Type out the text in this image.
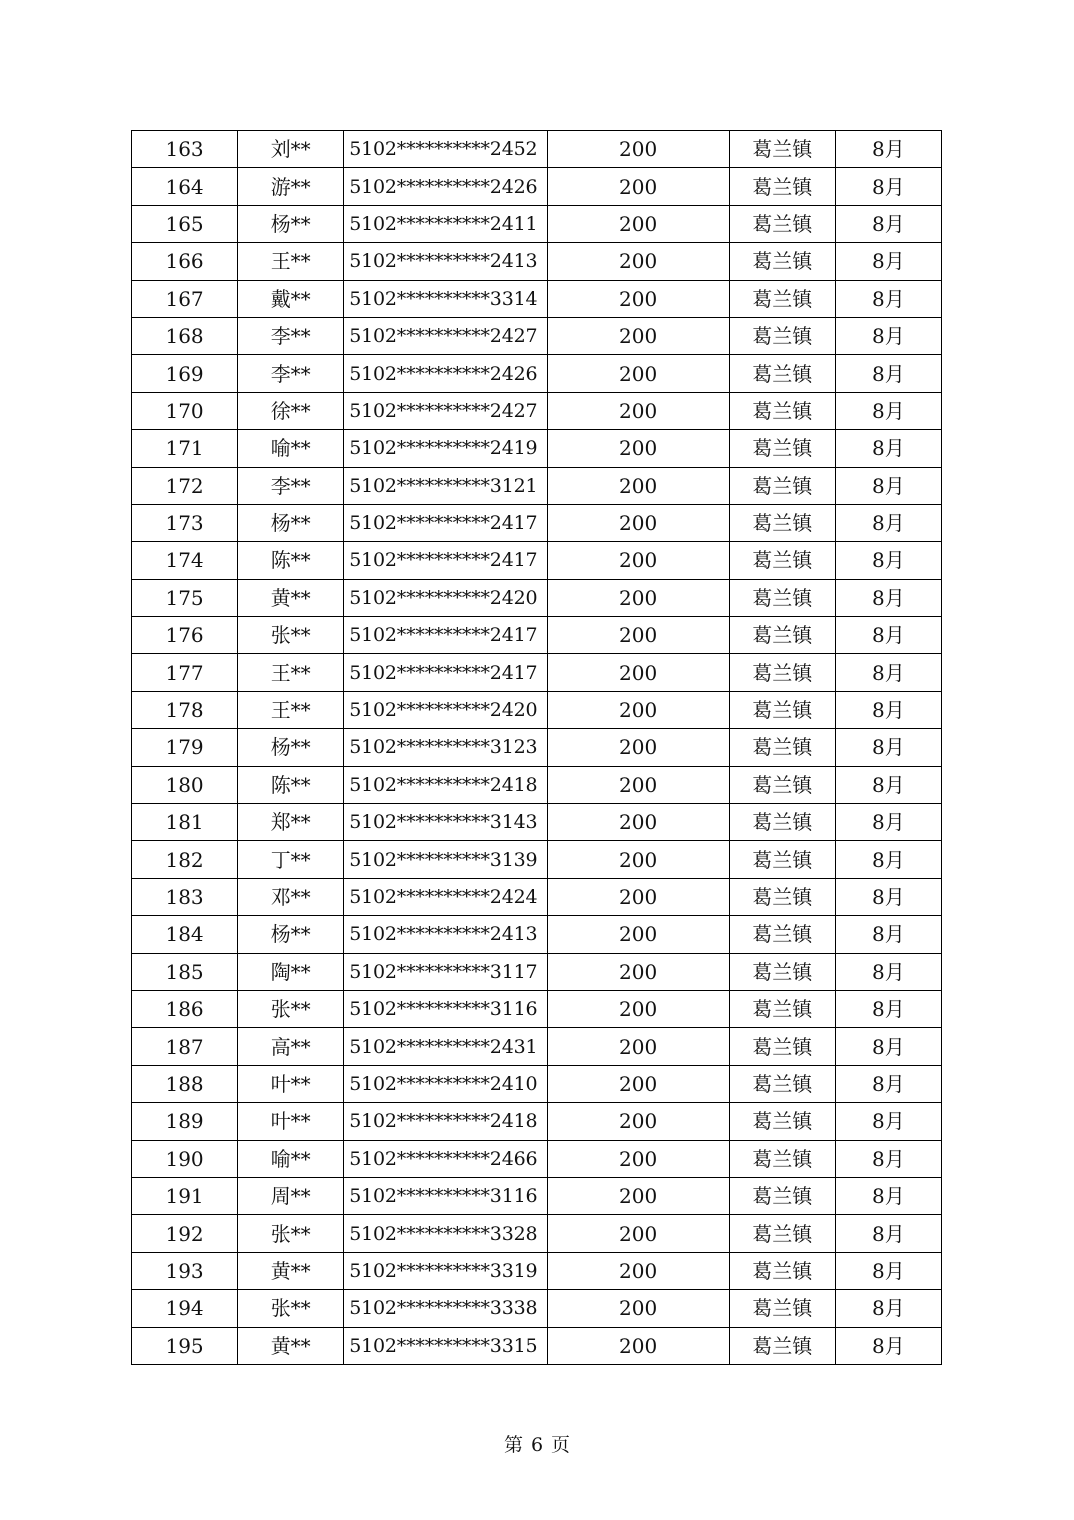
163	刘**	5102**********2452	200	葛兰镇	8月
164	游**	5102**********2426	200	葛兰镇	8月
165	杨**	5102**********2411	200	葛兰镇	8月
166	王**	5102**********2413	200	葛兰镇	8月
167	戴**	5102**********3314	200	葛兰镇	8月
168	李**	5102**********2427	200	葛兰镇	8月
169	李**	5102**********2426	200	葛兰镇	8月
170	徐**	5102**********2427	200	葛兰镇	8月
171	喻**	5102**********2419	200	葛兰镇	8月
172	李**	5102**********3121	200	葛兰镇	8月
173	杨**	5102**********2417	200	葛兰镇	8月
174	陈**	5102**********2417	200	葛兰镇	8月
175	黄**	5102**********2420	200	葛兰镇	8月
176	张**	5102**********2417	200	葛兰镇	8月
177	王**	5102**********2417	200	葛兰镇	8月
178	王**	5102**********2420	200	葛兰镇	8月
179	杨**	5102**********3123	200	葛兰镇	8月
180	陈**	5102**********2418	200	葛兰镇	8月
181	郑**	5102**********3143	200	葛兰镇	8月
182	丁**	5102**********3139	200	葛兰镇	8月
183	邓**	5102**********2424	200	葛兰镇	8月
184	杨**	5102**********2413	200	葛兰镇	8月
185	陶**	5102**********3117	200	葛兰镇	8月
186	张**	5102**********3116	200	葛兰镇	8月
187	高**	5102**********2431	200	葛兰镇	8月
188	叶**	5102**********2410	200	葛兰镇	8月
189	叶**	5102**********2418	200	葛兰镇	8月
190	喻**	5102**********2466	200	葛兰镇	8月
191	周**	5102**********3116	200	葛兰镇	8月
192	张**	5102**********3328	200	葛兰镇	8月
193	黄**	5102**********3319	200	葛兰镇	8月
194	张**	5102**********3338	200	葛兰镇	8月
195	黄**	5102**********3315	200	葛兰镇	8月
第 6 页
